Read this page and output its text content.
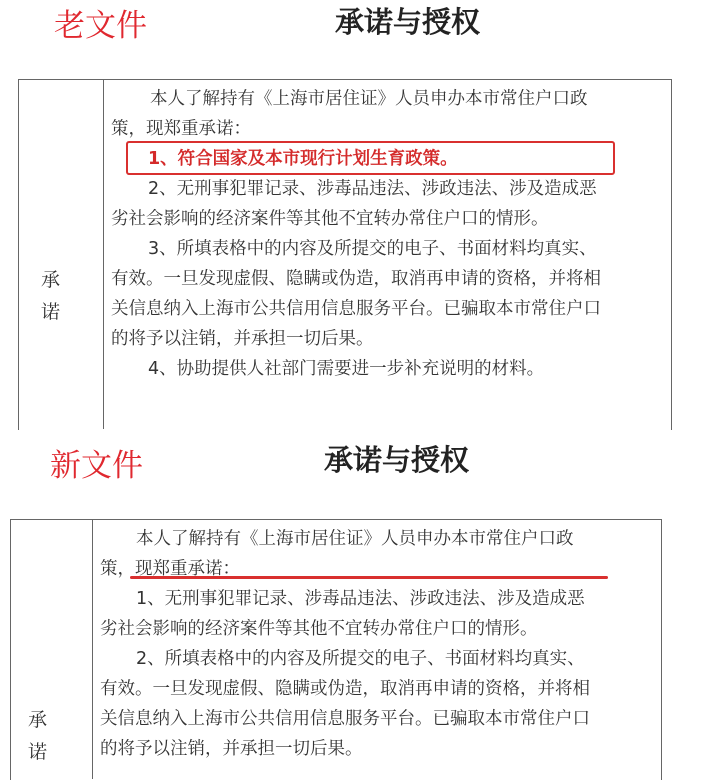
老文件	承诺与授权
承
诺
本人了解持有《上海市居住证》人员申办本市常住户口政
策，现郑重承诺：
1、符合国家及本市现行计划生育政策。
2、无刑事犯罪记录、涉毒品违法、涉政违法、涉及造成恶
劣社会影响的经济案件等其他不宜转办常住户口的情形。
3、所填表格中的内容及所提交的电子、书面材料均真实、
有效。一旦发现虚假、隐瞒或伪造，取消再申请的资格，并将相
关信息纳入上海市公共信用信息服务平台。已骗取本市常住户口
的将予以注销，并承担一切后果。
4、协助提供人社部门需要进一步补充说明的材料。
新文件	承诺与授权
承
诺
本人了解持有《上海市居住证》人员申办本市常住户口政
策，现郑重承诺：
1、无刑事犯罪记录、涉毒品违法、涉政违法、涉及造成恶
劣社会影响的经济案件等其他不宜转办常住户口的情形。
2、所填表格中的内容及所提交的电子、书面材料均真实、
有效。一旦发现虚假、隐瞒或伪造，取消再申请的资格，并将相
关信息纳入上海市公共信用信息服务平台。已骗取本市常住户口
的将予以注销，并承担一切后果。
